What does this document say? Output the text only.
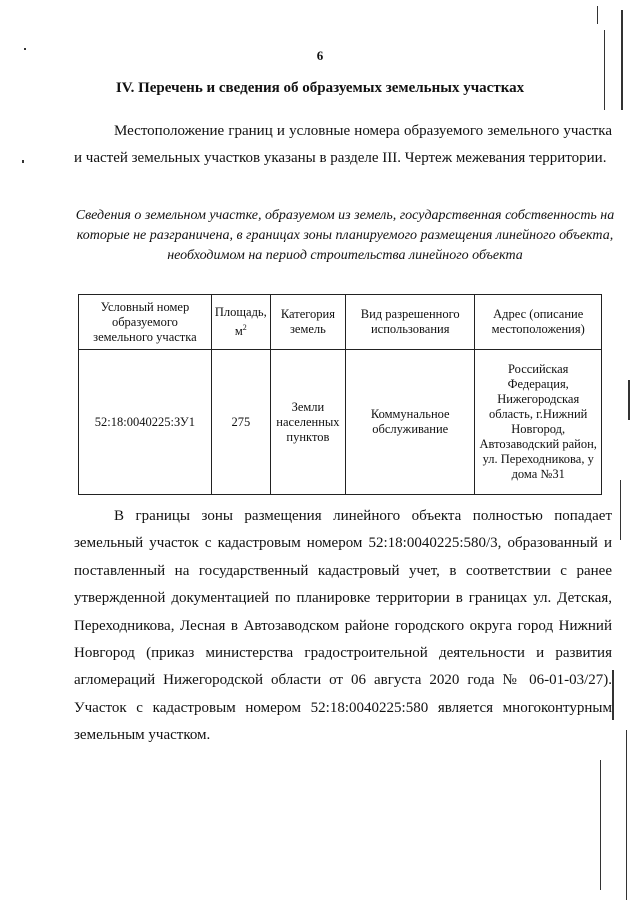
6
IV. Перечень и сведения об образуемых земельных участках

Местоположение границ и условные номера образуемого земельного участка и частей земельных участков указаны в разделе III. Чертеж межевания территории.

Сведения о земельном участке, образуемом из земель, государственная собственность на которые не разграничена, в границах зоны планируемого размещения линейного объекта, необходимом на период строительства линейного объекта
Условный номер образуемого земельного участка	Площадь, $м^2$	Категория земель	Вид разрешенного использования	Адрес (описание местоположения)
52:18:0040225:ЗУ1	275	Земли населенных пунктов	Коммунальное обслуживание	Российская Федерация, Нижегородская область, г.Нижний Новгород, Автозаводский район, ул. Переходникова, у дома №31

В границы зоны размещения линейного объекта полностью попадает земельный участок с кадастровым номером 52:18:0040225:580/3, образованный и поставленный на государственный кадастровый учет, в соответствии с ранее утвержденной документацией по планировке территории в границах ул. Детская, Переходникова, Лесная в Автозаводском районе городского округа город Нижний Новгород (приказ министерства градостроительной деятельности и развития агломераций Нижегородской области от 06 августа 2020 года № 06-01-03/27). Участок с кадастровым номером 52:18:0040225:580 является многоконтурным земельным участком.
